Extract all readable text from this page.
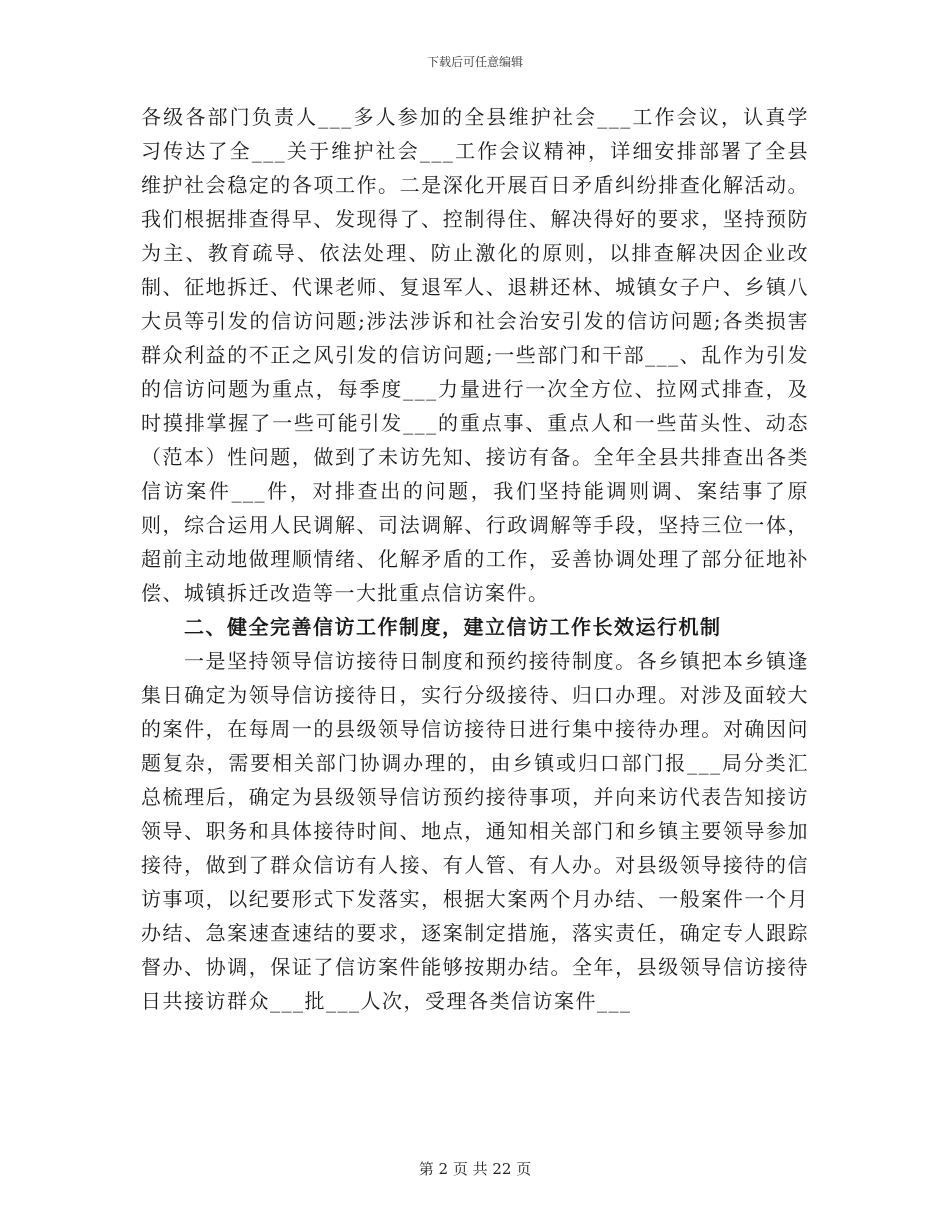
下载后可任意编辑

各级各部门负责人___多人参加的全县维护社会___工作会议，认真学习传达了全___关于维护社会___工作会议精神，详细安排部署了全县维护社会稳定的各项工作。二是深化开展百日矛盾纠纷排查化解活动。我们根据排查得早、发现得了、控制得住、解决得好的要求，坚持预防为主、教育疏导、依法处理、防止激化的原则，以排查解决因企业改制、征地拆迁、代课老师、复退军人、退耕还林、城镇女子户、乡镇八大员等引发的信访问题;涉法涉诉和社会治安引发的信访问题;各类损害群众利益的不正之风引发的信访问题;一些部门和干部___、乱作为引发的信访问题为重点，每季度___力量进行一次全方位、拉网式排查，及时摸排掌握了一些可能引发___的重点事、重点人和一些苗头性、动态（范本）性问题，做到了未访先知、接访有备。全年全县共排查出各类信访案件___件，对排查出的问题，我们坚持能调则调、案结事了原则，综合运用人民调解、司法调解、行政调解等手段，坚持三位一体，超前主动地做理顺情绪、化解矛盾的工作，妥善协调处理了部分征地补偿、城镇拆迁改造等一大批重点信访案件。

二、健全完善信访工作制度，建立信访工作长效运行机制

一是坚持领导信访接待日制度和预约接待制度。各乡镇把本乡镇逢集日确定为领导信访接待日，实行分级接待、归口办理。对涉及面较大的案件，在每周一的县级领导信访接待日进行集中接待办理。对确因问题复杂，需要相关部门协调办理的，由乡镇或归口部门报___局分类汇总梳理后，确定为县级领导信访预约接待事项，并向来访代表告知接访领导、职务和具体接待时间、地点，通知相关部门和乡镇主要领导参加接待，做到了群众信访有人接、有人管、有人办。对县级领导接待的信访事项，以纪要形式下发落实，根据大案两个月办结、一般案件一个月办结、急案速查速结的要求，逐案制定措施，落实责任，确定专人跟踪督办、协调，保证了信访案件能够按期办结。全年，县级领导信访接待日共接访群众___批___人次，受理各类信访案件___

第 2 页 共 22 页
